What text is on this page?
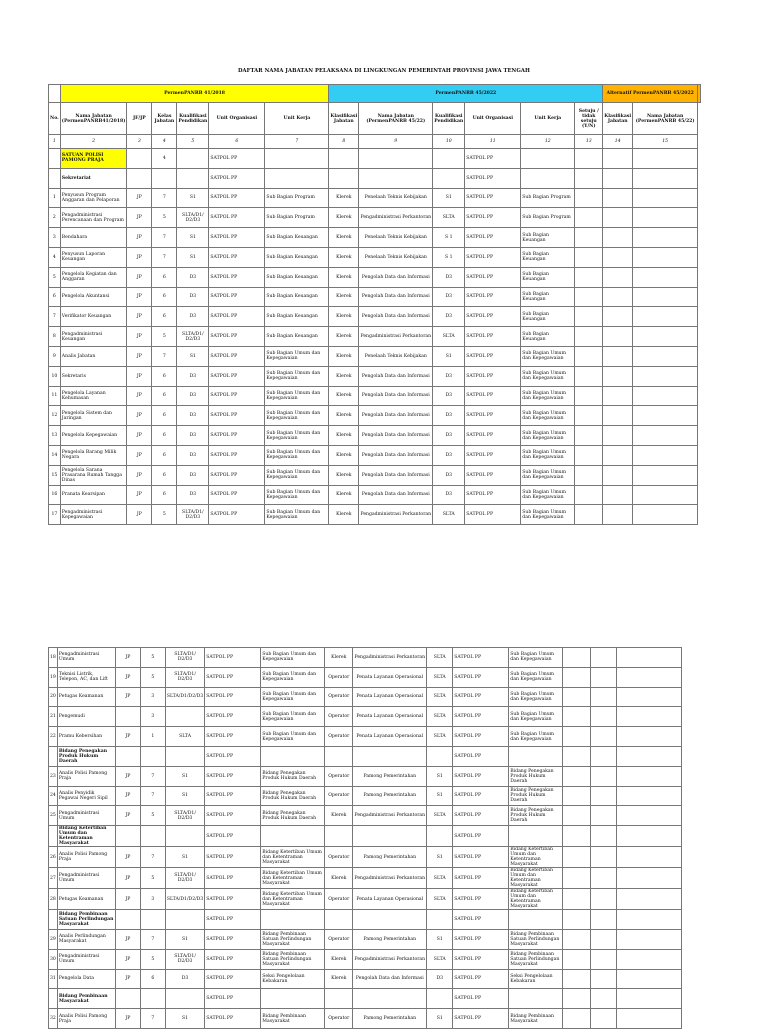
DAFTAR NAMA JABATAN PELAKSANA DI LINGKUNGAN PEMERINTAH PROVINSI JAWA TENGAH
	PermenPANRB 41/2018						PermenPANRB 45/2022						Alternatif PermenPANRB 45/2022		
No.	Nama Jabatan (PermenPANRB41/2018)	JF/JP	Kelas Jabatan	Kualifikasi Pendidikan	Unit Organisasi	Unit Kerja	Klasifikasi Jabatan	Nama Jabatan (PermenPANRB 45/22)	Kualifikasi Pendidikan	Unit Organisasi	Unit Kerja	Setuju / tidak setuju (Y/N)	Klasifikasi Jabatan	Nama Jabatan (PermenPANRB 45/22)	
1	2	3	4	5	6	7	8	9	10	11	12	13	14	15	
	SATUAN POLISI PAMONG PRAJA		4		SATPOL PP					SATPOL PP					
	Sekretariat				SATPOL PP					SATPOL PP					
1	Penyusun Program Anggaran dan Pelaporan	JP	7	S1	SATPOL PP	Sub Bagian Program	Klerek	Penelaah Teknis Kebijakan	S1	SATPOL PP	Sub Bagian Program				
2	Pengadministrasi Perencanaan dan Program	JP	5	SLTA/D1/ D2/D3	SATPOL PP	Sub Bagian Program	Klerek	Pengadministrasi Perkantoran	SLTA	SATPOL PP	Sub Bagian Program				
3	Bendahara	JP	7	S1	SATPOL PP	Sub Bagian Keuangan	Klerek	Penelaah Teknis Kebijakan	S 1	SATPOL PP	Sub Bagian Keuangan				
4	Penyusun Laporan Keuangan	JP	7	S1	SATPOL PP	Sub Bagian Keuangan	Klerek	Penelaah Teknis Kebijakan	S 1	SATPOL PP	Sub Bagian Keuangan				
5	Pengelola Kegiatan dan Anggaran	JP	6	D3	SATPOL PP	Sub Bagian Keuangan	Klerek	Pengolah Data dan Informasi	D3	SATPOL PP	Sub Bagian Keuangan				
6	Pengelola Akuntansi	JP	6	D3	SATPOL PP	Sub Bagian Keuangan	Klerek	Pengolah Data dan Informasi	D3	SATPOL PP	Sub Bagian Keuangan				
7	Verifikator Keuangan	JP	6	D3	SATPOL PP	Sub Bagian Keuangan	Klerek	Pengolah Data dan Informasi	D3	SATPOL PP	Sub Bagian Keuangan				
8	Pengadministrasi Keuangan	JP	5	SLTA/D1/ D2/D3	SATPOL PP	Sub Bagian Keuangan	Klerek	Pengadministrasi Perkantoran	SLTA	SATPOL PP	Sub Bagian Keuangan				
9	Analis Jabatan	JP	7	S1	SATPOL PP	Sub Bagian Umum dan Kepegawaian	Klerek	Penelaah Teknis Kebijakan	S1	SATPOL PP	Sub Bagian Umum dan Kepegawaian				
10	Sekretaris	JP	6	D3	SATPOL PP	Sub Bagian Umum dan Kepegawaian	Klerek	Pengolah Data dan Informasi	D3	SATPOL PP	Sub Bagian Umum dan Kepegawaian				
11	Pengelola Layanan Kehumasan	JP	6	D3	SATPOL PP	Sub Bagian Umum dan Kepegawaian	Klerek	Pengolah Data dan Informasi	D3	SATPOL PP	Sub Bagian Umum dan Kepegawaian				
12	Pengelola Sistem dan Jaringan	JP	6	D3	SATPOL PP	Sub Bagian Umum dan Kepegawaian	Klerek	Pengolah Data dan Informasi	D3	SATPOL PP	Sub Bagian Umum dan Kepegawaian				
13	Pengelola Kepegawaian	JP	6	D3	SATPOL PP	Sub Bagian Umum dan Kepegawaian	Klerek	Pengolah Data dan Informasi	D3	SATPOL PP	Sub Bagian Umum dan Kepegawaian				
14	Pengelola Barang Milik Negara	JP	6	D3	SATPOL PP	Sub Bagian Umum dan Kepegawaian	Klerek	Pengolah Data dan Informasi	D3	SATPOL PP	Sub Bagian Umum dan Kepegawaian				
15	Pengelola Sarana Prasarana Rumah Tangga Dinas	JP	6	D3	SATPOL PP	Sub Bagian Umum dan Kepegawaian	Klerek	Pengolah Data dan Informasi	D3	SATPOL PP	Sub Bagian Umum dan Kepegawaian				
16	Pranata Kearsipan	JP	6	D3	SATPOL PP	Sub Bagian Umum dan Kepegawaian	Klerek	Pengolah Data dan Informasi	D3	SATPOL PP	Sub Bagian Umum dan Kepegawaian				
17	Pengadministrasi Kepegawaian	JP	5	SLTA/D1/ D2/D3	SATPOL PP	Sub Bagian Umum dan Kepegawaian	Klerek	Pengadministrasi Perkantoran	SLTA	SATPOL PP	Sub Bagian Umum dan Kepegawaian				
18	Pengadministrasi Umum	JP	5	SLTA/D1/ D2/D3	SATPOL PP	Sub Bagian Umum dan Kepegawaian	Klerek	Pengadministrasi Perkantoran	SLTA	SATPOL PP	Sub Bagian Umum dan Kepegawaian			
19	Teknisi Listrik, Telepon, AC, dan Lift	JP	5	SLTA/D1/ D2/D3	SATPOL PP	Sub Bagian Umum dan Kepegawaian	Operator	Penata Layanan Operasional	SLTA	SATPOL PP	Sub Bagian Umum dan Kepegawaian			
20	Petugas Keamanan	JP	3	SLTA/D1/D2/D3	SATPOL PP	Sub Bagian Umum dan Kepegawaian	Operator	Penata Layanan Operasional	SLTA	SATPOL PP	Sub Bagian Umum dan Kepegawaian			
21	Pengemudi		3		SATPOL PP	Sub Bagian Umum dan Kepegawaian	Operator	Penata Layanan Operasional	SLTA	SATPOL PP	Sub Bagian Umum dan Kepegawaian			
22	Pramu Kebersihan	JP	1	SLTA	SATPOL PP	Sub Bagian Umum dan Kepegawaian	Operator	Penata Layanan Operasional	SLTA	SATPOL PP	Sub Bagian Umum dan Kepegawaian			
	Bidang Penegakan Produk Hukum Daerah				SATPOL PP					SATPOL PP				
23	Analis Polisi Pamong Praja	JP	7	S1	SATPOL PP	Bidang Penegakan Produk Hukum Daerah	Operator	Pamong Pemerintahan	S1	SATPOL PP	Bidang Penegakan Produk Hukum Daerah			
24	Analis Penyidik Pegawai Negeri Sipil	JP	7	S1	SATPOL PP	Bidang Penegakan Produk Hukum Daerah	Operator	Pamong Pemerintahan	S1	SATPOL PP	Bidang Penegakan Produk Hukum Daerah			
25	Pengadministrasi Umum	JP	5	SLTA/D1/ D2/D3	SATPOL PP	Bidang Penegakan Produk Hukum Daerah	Klerek	Pengadministrasi Perkantoran	SLTA	SATPOL PP	Bidang Penegakan Produk Hukum Daerah			
	Bidang Ketertiban Umum dan Ketentraman Masyarakat				SATPOL PP					SATPOL PP				
26	Analis Polisi Pamong Praja	JP	7	S1	SATPOL PP	Bidang Ketertiban Umum dan Ketentraman Masyarakat	Operator	Pamong Pemerintahan	S1	SATPOL PP	Bidang Ketertiban Umum dan Ketentraman Masyarakat			
27	Pengadministrasi Umum	JP	5	SLTA/D1/ D2/D3	SATPOL PP	Bidang Ketertiban Umum dan Ketentraman Masyarakat	Klerek	Pengadministrasi Perkantoran	SLTA	SATPOL PP	Bidang Ketertiban Umum dan Ketentraman Masyarakat			
28	Petugas Keamanan	JP	3	SLTA/D1/D2/D3	SATPOL PP	Bidang Ketertiban Umum dan Ketentraman Masyarakat	Operator	Penata Layanan Operasional	SLTA	SATPOL PP	Bidang Ketertiban Umum dan Ketentraman Masyarakat			
	Bidang Pembinaan Satuan Perlindungan Masyarakat				SATPOL PP					SATPOL PP				
29	Analis Perlindungan Masyarakat	JP	7	S1	SATPOL PP	Bidang Pembinaan Satuan Perlindungan Masyarakat	Operator	Pamong Pemerintahan	S1	SATPOL PP	Bidang Pembinaan Satuan Perlindungan Masyarakat			
30	Pengadministrasi Umum	JP	5	SLTA/D1/ D2/D3	SATPOL PP	Bidang Pembinaan Satuan Perlindungan Masyarakat	Klerek	Pengadministrasi Perkantoran	SLTA	SATPOL PP	Bidang Pembinaan Satuan Perlindungan Masyarakat			
31	Pengelola Data	JP	6	D3	SATPOL PP	Seksi Pengelolaan Kebakaran	Klerek	Pengolah Data dan Informasi	D3	SATPOL PP	Seksi Pengelolaan Kebakaran			
	Bidang Pembinaan Masyarakat				SATPOL PP					SATPOL PP				
32	Analis Polisi Pamong Praja	JP	7	S1	SATPOL PP	Bidang Pembinaan Masyarakat	Operator	Pamong Pemerintahan	S1	SATPOL PP	Bidang Pembinaan Masyarakat			
